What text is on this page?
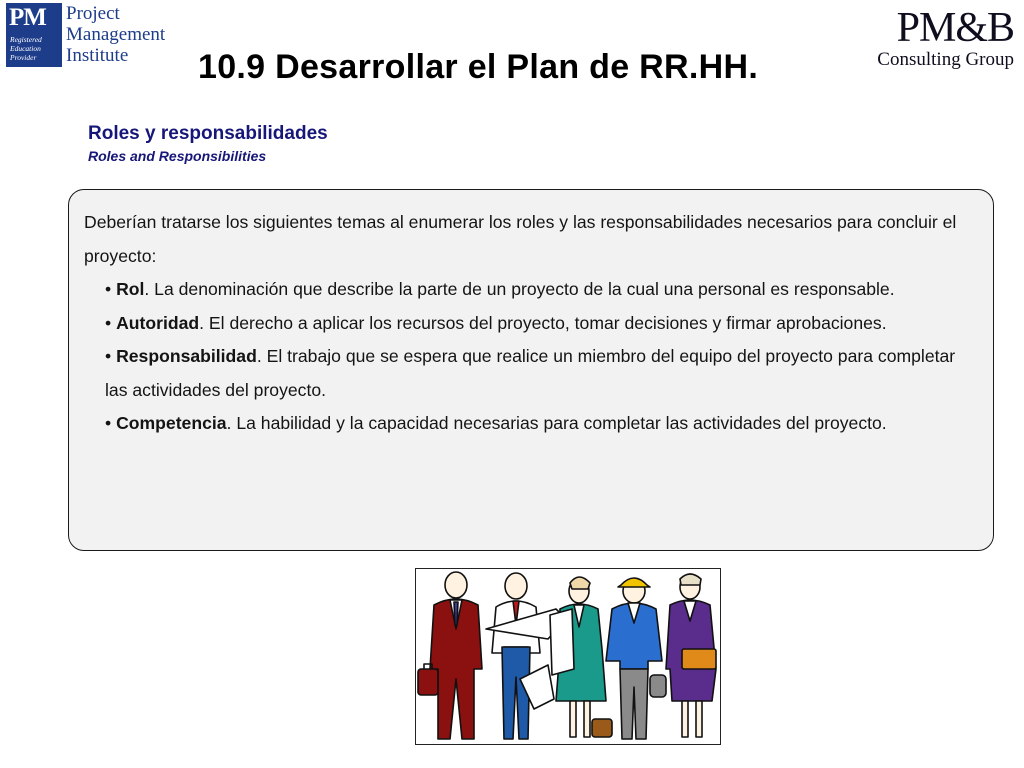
PM
Registered
Education
Provider
Project
Management
Institute
PM&B
Consulting Group
10.9 Desarrollar el Plan de RR.HH.
Roles y responsabilidades
Roles and Responsibilities

Deberían tratarse los siguientes temas al enumerar los roles y las responsabilidades necesarios para concluir el proyecto:

• Rol. La denominación que describe la parte de un proyecto de la cual una personal es responsable.

• Autoridad. El derecho a aplicar los recursos del proyecto, tomar decisiones y firmar aprobaciones.

• Responsabilidad. El trabajo que se espera que realice un miembro del equipo del proyecto para completar las actividades del proyecto.

• Competencia. La habilidad y la capacidad necesarias para completar las actividades del proyecto.
